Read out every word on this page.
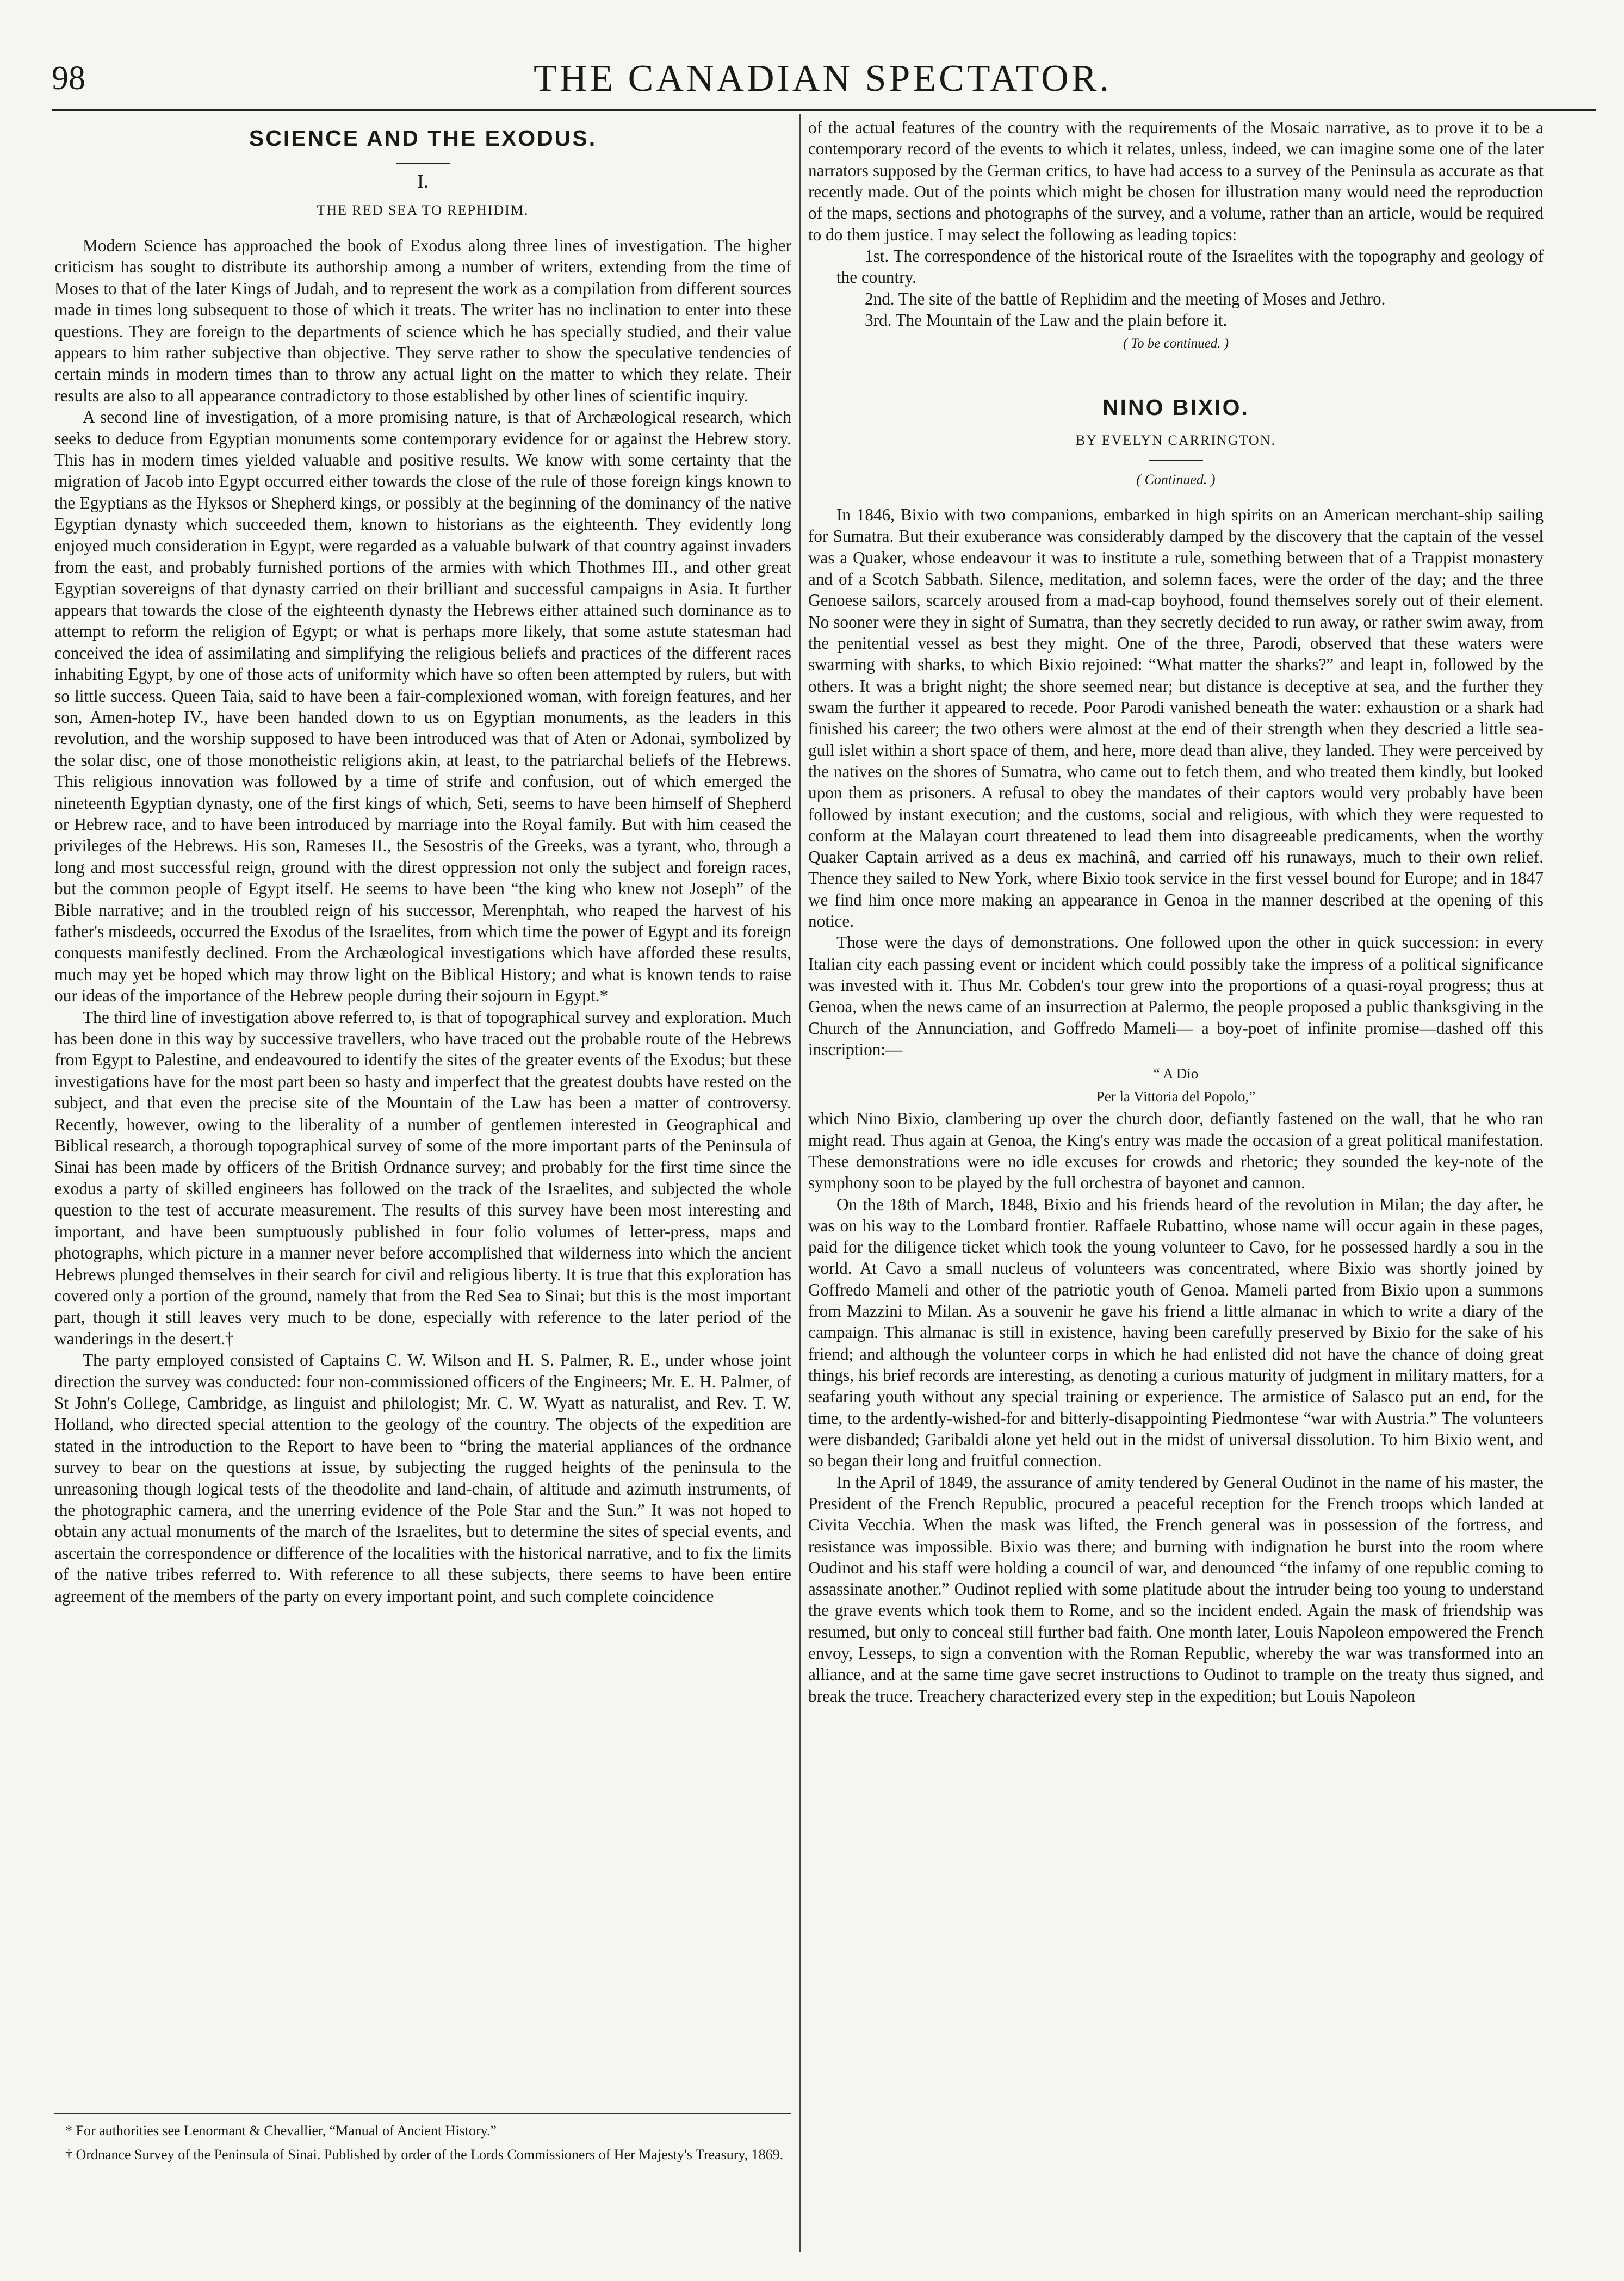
98	THE CANADIAN SPECTATOR.
SCIENCE AND THE EXODUS.
I.
THE RED SEA TO REPHIDIM.

Modern Science has approached the book of Exodus along three lines of investigation. The higher criticism has sought to distribute its authorship among a number of writers, extending from the time of Moses to that of the later Kings of Judah, and to represent the work as a compilation from different sources made in times long subsequent to those of which it treats. The writer has no inclination to enter into these questions. They are foreign to the departments of science which he has specially studied, and their value appears to him rather subjective than objective. They serve rather to show the speculative tendencies of certain minds in modern times than to throw any actual light on the matter to which they relate. Their results are also to all appearance contradictory to those established by other lines of scientific inquiry.

A second line of investigation, of a more promising nature, is that of Archæological research, which seeks to deduce from Egyptian monuments some contemporary evidence for or against the Hebrew story. This has in modern times yielded valuable and positive results. We know with some certainty that the migration of Jacob into Egypt occurred either towards the close of the rule of those foreign kings known to the Egyptians as the Hyksos or Shepherd kings, or possibly at the beginning of the dominancy of the native Egyptian dynasty which succeeded them, known to historians as the eighteenth. They evidently long enjoyed much consideration in Egypt, were regarded as a valuable bulwark of that country against invaders from the east, and probably furnished portions of the armies with which Thothmes III., and other great Egyptian sovereigns of that dynasty carried on their brilliant and successful campaigns in Asia. It further appears that towards the close of the eighteenth dynasty the Hebrews either attained such dominance as to attempt to reform the religion of Egypt; or what is perhaps more likely, that some astute statesman had conceived the idea of assimilating and simplifying the religious beliefs and practices of the different races inhabiting Egypt, by one of those acts of uniformity which have so often been attempted by rulers, but with so little success. Queen Taia, said to have been a fair-complexioned woman, with foreign features, and her son, Amen-hotep IV., have been handed down to us on Egyptian monuments, as the leaders in this revolution, and the worship supposed to have been introduced was that of Aten or Adonai, symbolized by the solar disc, one of those monotheistic religions akin, at least, to the patriarchal beliefs of the Hebrews. This religious innovation was followed by a time of strife and confusion, out of which emerged the nineteenth Egyptian dynasty, one of the first kings of which, Seti, seems to have been himself of Shepherd or Hebrew race, and to have been introduced by marriage into the Royal family. But with him ceased the privileges of the Hebrews. His son, Rameses II., the Sesostris of the Greeks, was a tyrant, who, through a long and most successful reign, ground with the direst oppression not only the subject and foreign races, but the common people of Egypt itself. He seems to have been “the king who knew not Joseph” of the Bible narrative; and in the troubled reign of his successor, Merenphtah, who reaped the harvest of his father's misdeeds, occurred the Exodus of the Israelites, from which time the power of Egypt and its foreign conquests manifestly declined. From the Archæological investigations which have afforded these results, much may yet be hoped which may throw light on the Biblical History; and what is known tends to raise our ideas of the importance of the Hebrew people during their sojourn in Egypt.*

The third line of investigation above referred to, is that of topographical survey and exploration. Much has been done in this way by successive travellers, who have traced out the probable route of the Hebrews from Egypt to Palestine, and endeavoured to identify the sites of the greater events of the Exodus; but these investigations have for the most part been so hasty and imperfect that the greatest doubts have rested on the subject, and that even the precise site of the Mountain of the Law has been a matter of controversy. Recently, however, owing to the liberality of a number of gentlemen interested in Geographical and Biblical research, a thorough topographical survey of some of the more important parts of the Peninsula of Sinai has been made by officers of the British Ordnance survey; and probably for the first time since the exodus a party of skilled engineers has followed on the track of the Israelites, and subjected the whole question to the test of accurate measurement. The results of this survey have been most interesting and important, and have been sumptuously published in four folio volumes of letter-press, maps and photographs, which picture in a manner never before accomplished that wilderness into which the ancient Hebrews plunged themselves in their search for civil and religious liberty. It is true that this exploration has covered only a portion of the ground, namely that from the Red Sea to Sinai; but this is the most important part, though it still leaves very much to be done, especially with reference to the later period of the wanderings in the desert.†

The party employed consisted of Captains C. W. Wilson and H. S. Palmer, R. E., under whose joint direction the survey was conducted: four non-commissioned officers of the Engineers; Mr. E. H. Palmer, of St John's College, Cambridge, as linguist and philologist; Mr. C. W. Wyatt as naturalist, and Rev. T. W. Holland, who directed special attention to the geology of the country. The objects of the expedition are stated in the introduction to the Report to have been to “bring the material appliances of the ordnance survey to bear on the questions at issue, by subjecting the rugged heights of the peninsula to the unreasoning though logical tests of the theodolite and land-chain, of altitude and azimuth instruments, of the photographic camera, and the unerring evidence of the Pole Star and the Sun.” It was not hoped to obtain any actual monuments of the march of the Israelites, but to determine the sites of special events, and ascertain the correspondence or difference of the localities with the historical narrative, and to fix the limits of the native tribes referred to. With reference to all these subjects, there seems to have been entire agreement of the members of the party on every important point, and such complete coincidence

* For authorities see Lenormant & Chevallier, “Manual of Ancient History.”

† Ordnance Survey of the Peninsula of Sinai. Published by order of the Lords Commissioners of Her Majesty's Treasury, 1869.

of the actual features of the country with the requirements of the Mosaic narrative, as to prove it to be a contemporary record of the events to which it relates, unless, indeed, we can imagine some one of the later narrators supposed by the German critics, to have had access to a survey of the Peninsula as accurate as that recently made. Out of the points which might be chosen for illustration many would need the reproduction of the maps, sections and photographs of the survey, and a volume, rather than an article, would be required to do them justice. I may select the following as leading topics:

1st. The correspondence of the historical route of the Israelites with the topography and geology of the country.

2nd. The site of the battle of Rephidim and the meeting of Moses and Jethro.

3rd. The Mountain of the Law and the plain before it.

( To be continued. )
NINO BIXIO.
BY EVELYN CARRINGTON.
( Continued. )

In 1846, Bixio with two companions, embarked in high spirits on an American merchant-ship sailing for Sumatra. But their exuberance was considerably damped by the discovery that the captain of the vessel was a Quaker, whose endeavour it was to institute a rule, something between that of a Trappist monastery and of a Scotch Sabbath. Silence, meditation, and solemn faces, were the order of the day; and the three Genoese sailors, scarcely aroused from a mad-cap boyhood, found themselves sorely out of their element. No sooner were they in sight of Sumatra, than they secretly decided to run away, or rather swim away, from the penitential vessel as best they might. One of the three, Parodi, observed that these waters were swarming with sharks, to which Bixio rejoined: “What matter the sharks?” and leapt in, followed by the others. It was a bright night; the shore seemed near; but distance is deceptive at sea, and the further they swam the further it appeared to recede. Poor Parodi vanished beneath the water: exhaustion or a shark had finished his career; the two others were almost at the end of their strength when they descried a little sea-gull islet within a short space of them, and here, more dead than alive, they landed. They were perceived by the natives on the shores of Sumatra, who came out to fetch them, and who treated them kindly, but looked upon them as prisoners. A refusal to obey the mandates of their captors would very probably have been followed by instant execution; and the customs, social and religious, with which they were requested to conform at the Malayan court threatened to lead them into disagreeable predicaments, when the worthy Quaker Captain arrived as a deus ex machinâ, and carried off his runaways, much to their own relief. Thence they sailed to New York, where Bixio took service in the first vessel bound for Europe; and in 1847 we find him once more making an appearance in Genoa in the manner described at the opening of this notice.

Those were the days of demonstrations. One followed upon the other in quick succession: in every Italian city each passing event or incident which could possibly take the impress of a political significance was invested with it. Thus Mr. Cobden's tour grew into the proportions of a quasi-royal progress; thus at Genoa, when the news came of an insurrection at Palermo, the people proposed a public thanksgiving in the Church of the Annunciation, and Goffredo Mameli— a boy-poet of infinite promise—dashed off this inscription:—

“ A Dio
Per la Vittoria del Popolo,”

which Nino Bixio, clambering up over the church door, defiantly fastened on the wall, that he who ran might read. Thus again at Genoa, the King's entry was made the occasion of a great political manifestation. These demonstrations were no idle excuses for crowds and rhetoric; they sounded the key-note of the symphony soon to be played by the full orchestra of bayonet and cannon.

On the 18th of March, 1848, Bixio and his friends heard of the revolution in Milan; the day after, he was on his way to the Lombard frontier. Raffaele Rubattino, whose name will occur again in these pages, paid for the diligence ticket which took the young volunteer to Cavo, for he possessed hardly a sou in the world. At Cavo a small nucleus of volunteers was concentrated, where Bixio was shortly joined by Goffredo Mameli and other of the patriotic youth of Genoa. Mameli parted from Bixio upon a summons from Mazzini to Milan. As a souvenir he gave his friend a little almanac in which to write a diary of the campaign. This almanac is still in existence, having been carefully preserved by Bixio for the sake of his friend; and although the volunteer corps in which he had enlisted did not have the chance of doing great things, his brief records are interesting, as denoting a curious maturity of judgment in military matters, for a seafaring youth without any special training or experience. The armistice of Salasco put an end, for the time, to the ardently-wished-for and bitterly-disappointing Piedmontese “war with Austria.” The volunteers were disbanded; Garibaldi alone yet held out in the midst of universal dissolution. To him Bixio went, and so began their long and fruitful connection.

In the April of 1849, the assurance of amity tendered by General Oudinot in the name of his master, the President of the French Republic, procured a peaceful reception for the French troops which landed at Civita Vecchia. When the mask was lifted, the French general was in possession of the fortress, and resistance was impossible. Bixio was there; and burning with indignation he burst into the room where Oudinot and his staff were holding a council of war, and denounced “the infamy of one republic coming to assassinate another.” Oudinot replied with some platitude about the intruder being too young to understand the grave events which took them to Rome, and so the incident ended. Again the mask of friendship was resumed, but only to conceal still further bad faith. One month later, Louis Napoleon empowered the French envoy, Lesseps, to sign a convention with the Roman Republic, whereby the war was transformed into an alliance, and at the same time gave secret instructions to Oudinot to trample on the treaty thus signed, and break the truce. Treachery characterized every step in the expedition; but Louis Napoleon
